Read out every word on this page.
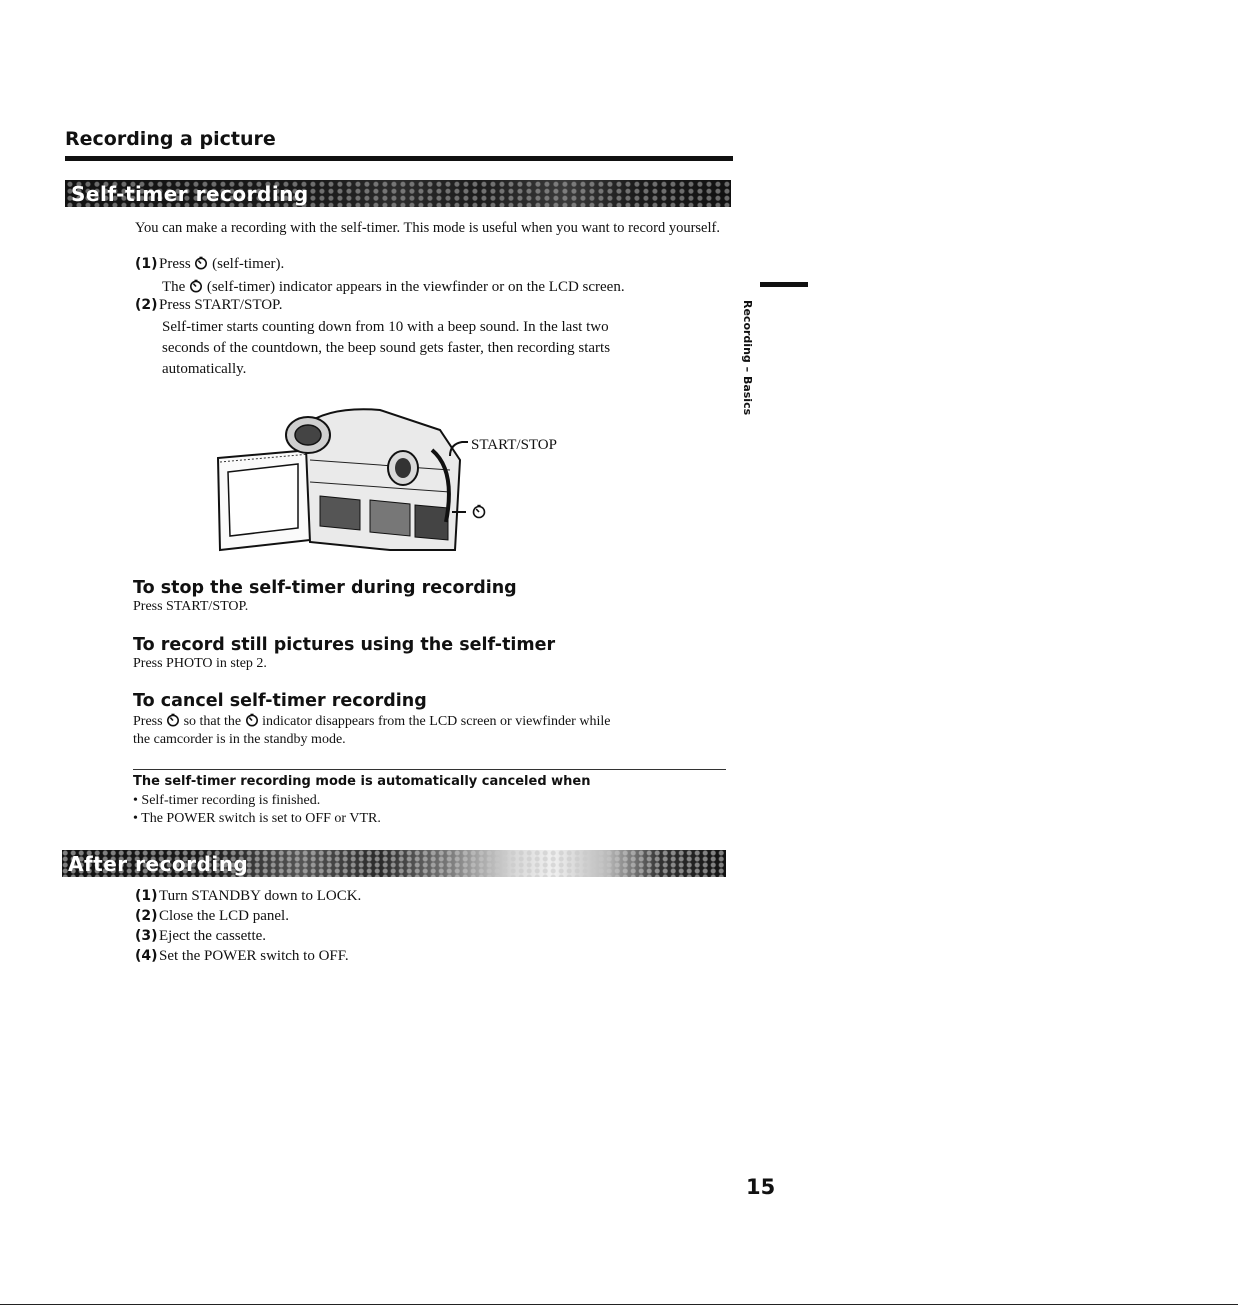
Recording a picture
Self-timer recording
You can make a recording with the self-timer. This mode is useful when you want to record yourself.
(1)Press (self-timer).
The (self-timer) indicator appears in the viewfinder or on the LCD screen.
(2)Press START/STOP.
Self-timer starts counting down from 10 with a beep sound. In the last two
seconds of the countdown, the beep sound gets faster, then recording starts
automatically.	Recording – Basics
START/STOP
To stop the self-timer during recording
Press START/STOP.
To record still pictures using the self-timer
Press PHOTO in step 2.
To cancel self-timer recording
Press so that the indicator disappears from the LCD screen or viewfinder while
the camcorder is in the standby mode.
The self-timer recording mode is automatically canceled when
• Self-timer recording is finished.
• The POWER switch is set to OFF or VTR.
After recording
(1)Turn STANDBY down to LOCK.
(2)Close the LCD panel.
(3)Eject the cassette.
(4)Set the POWER switch to OFF.
15
